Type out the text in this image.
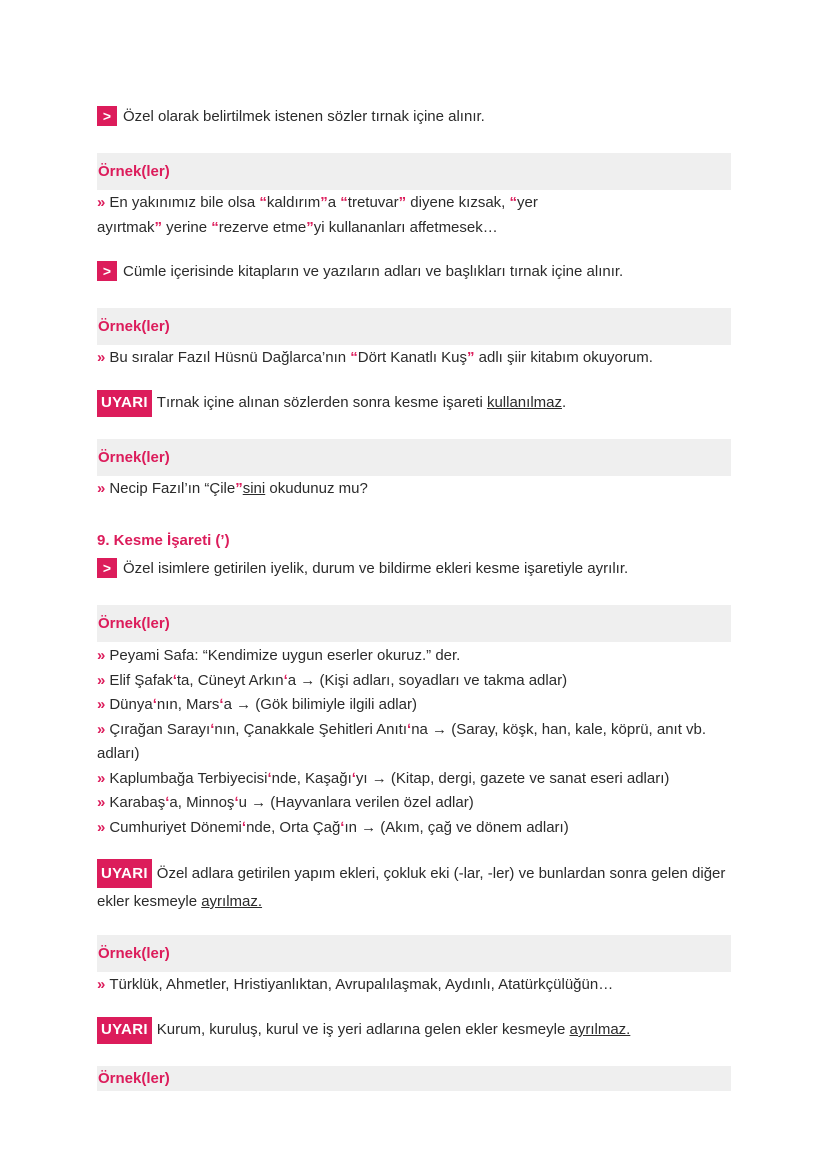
> Özel olarak belirtilmek istenen sözler tırnak içine alınır.
Örnek(ler)
» En yakınımız bile olsa “kaldırım”a “tretuvar” diyene kızsak, “yer
ayırtmak” yerine “rezerve etme”yi kullananları affetmesek…
> Cümle içerisinde kitapların ve yazıların adları ve başlıkları tırnak içine alınır.
Örnek(ler)
» Bu sıralar Fazıl Hüsnü Dağlarca’nın “Dört Kanatlı Kuş” adlı şiir kitabım okuyorum.
UYARI Tırnak içine alınan sözlerden sonra kesme işareti kullanılmaz.
Örnek(ler)
» Necip Fazıl’ın “Çile”sini okudunuz mu?
9. Kesme İşareti (’)
> Özel isimlere getirilen iyelik, durum ve bildirme ekleri kesme işaretiyle ayrılır.
Örnek(ler)
» Peyami Safa: “Kendimize uygun eserler okuruz.” der.
» Elif Şafakʻta, Cüneyt Arkınʻa → (Kişi adları, soyadları ve takma adlar)
» Dünyaʻnın, Marsʻa → (Gök bilimiyle ilgili adlar)
» Çırağan Sarayıʻnın, Çanakkale Şehitleri Anıtıʻna → (Saray, köşk, han, kale, köprü, anıt vb. adları)
» Kaplumbağa Terbiyecisiʻnde, Kaşağıʻyı → (Kitap, dergi, gazete ve sanat eseri adları)
» Karabaşʻa, Minnoşʻu → (Hayvanlara verilen özel adlar)
» Cumhuriyet Dönemiʻnde, Orta Çağʻın → (Akım, çağ ve dönem adları)
UYARI Özel adlara getirilen yapım ekleri, çokluk eki (-lar, -ler) ve bunlardan sonra gelen diğer ekler kesmeyle ayrılmaz.
Örnek(ler)
» Türklük, Ahmetler, Hristiyanlıktan, Avrupalılaşmak, Aydınlı, Atatürkçülüğün…
UYARI Kurum, kuruluş, kurul ve iş yeri adlarına gelen ekler kesmeyle ayrılmaz.
Örnek(ler)
